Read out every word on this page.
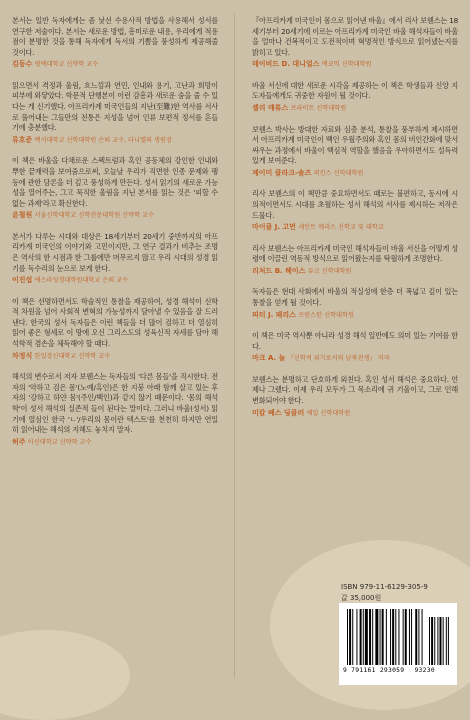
본서는 일반 독자에게는 좀 낯선 수용사적 방법을 사용해서 성서를 연구한 저술이다. 본서는 새로운 방법, 흥미로운 내용, 우리에게 적용점이 분명한 것을 통해 독자에게 독서의 기쁨을 풍성하게 제공해줄 것이다.

김동수 평택대학교 신약학 교수

읽으면서 격정과 울림, 흐느낌과 연민, 인내와 용기, 고난과 희망이 피부에 와닿았다. 학문적 단행본이 이런 감흥과 새로운 숨을 줄 수 있다는 게 신기했다. 아프리카계 미국인들의 지난(至難)한 역사를 서사로 풀어내는 그들만의 전통은 지성을 넘어 인류 보편적 정서를 흔들기에 충분했다.

류호준 백석대학교 신학대학원 은퇴 교수, 다니엘의 생원장

이 책은 바울을 다채로운 스펙트럼과 혹인 공동체의 강인한 인내와 뿌한 끝재력을 보여줌으로써, 오늘날 우리가 직면한 인종 문제와 팽등에 관한 담론을 더 깊고 풍성하게 만든다. 성서 읽기의 새로운 가능성을 열어주는, 그고 묵직한 울림을 지닌 본서를 읽는 것은 '피할 수 없는 과제'라고 확신한다.

윤철원 서울신학대학교 신학전문대학원 신약학 교수

본서가 다루는 시대와 대상은 18세기부터 20세기 중반까지의 아프리카계 미국인의 이야기와 고민이지만, 그 연구 결과가 비추는 조명은 역사의 한 시점과 한 그룹에만 머무르지 않고 우리 시대의 성경 읽기를 독수리의 눈으로 보게 한다.

이진섭 에스라성경대학원대학교 은퇴 교수

이 책은 선명하면서도 학술적인 통찰을 제공하여, 성경 해석이 신학적 차원을 넘어 사회적 변혁의 가능성까지 담아낼 수 있음을 잘 드러낸다. 한국의 성서 독자들은 이런 책들을 더 많이 검하고 더 열심히 읽어 좋은 형세로 이 땅에 오신 그리스도의 성육신적 자세를 담아 해석학적 겸손을 체득해야 할 때다.

차정식 한일장신대학교 신약학 교수

해석의 변수로서 저자 보웬스는 독자들의 '다른 몸들'을 직시한다. 전자의 '악하고 검은 몸'(노예/흑인)은 한 지붕 아래 함께 살고 있는 후자의 '강하고 하얀 몸'(주인/백인)과 같지 않기 때문이다. '몸의 해석학'이 성서 해석의 실존적 들이 된다는 말이다. 그러니 바울(성서) 읽기에 열심인 한국 'ㄴ'/우리의 몸이란 텍스트'를 천천히 하지만 연밀히 읽어내는 해석의 지혜도 놓치지 말자.

허주 아신대학교 신약학 교수

『아프리카계 미국인이 몸으로 읽어낸 바울』에서 리사 보웬스는 18세기부터 20세기에 이르는 아프리카계 미국인 바울 해석자들이 바울을 얼마나 건복적이고 도전적이며 혁명적인 방식으로 읽어냈는지를 밝히고 있다.

데이비드 D. 대니얼스 맥코믹 신학대학원

바울 서신에 대한 새로운 시각을 제공하는 이 책은 학생들과 신앙 지도자들에게도 귀중한 자원이 될 것이다.

셸리 매튜스 브라이트 신학대학원

보웬스 박사는 방대한 자료와 심층 분석, 통찰을 풍부하게 제시하면서 아프리카계 미국인이 백인 우월주의와 혹인 몸의 비인간화에 맞서 싸우는 과정에서 바울이 핵심적 역할을 했음을 우아하면서도 설득력 있게 보여준다.

제이미 클라크-솔즈 퍼킨스 신학대학원

리사 보웬스의 이 책만큼 중요하면서도 때로는 불편하고, 동시에 시의적이면서도 시대를 초월하는 성서 해석의 서사를 제시하는 저작은 드물다.

마이클 J. 고먼 세인트 메리스 신학교 및 대학교

리사 보웬스는 아프리카계 미국인 해석자들이 바울 서신을 어떻게 성령에 이끌린 역동적 방식으로 읽어왔는지를 탁월하게 조명한다.

리처드 B. 헤이스 듀크 신학대학원

독자들은 현대 사회에서 바울의 적실성에 한층 더 폭넓고 깊이 있는 통찰을 얻게 될 것이다.

피터 J. 패리스 프린스턴 신학대학원

이 책은 미국 역사뿐 아니라 성경 해석 일반에도 의미 있는 기여를 한다.

마크 A. 놀 『신학적 위기로서의 남북전쟁』 저자

보웬스는 분명하고 단호하게 외친다. 혹인 성서 해석은 중요하다. 언제나 그랬다. 이제 우리 모두가 그 목소리에 귀 기울이고, 그로 인해 변화되어야 한다.

미칼 베스 딩클러 예일 신학대학원
ISBN 979-11-6129-305-9
값 35,000원
9 791161 293059 93230
